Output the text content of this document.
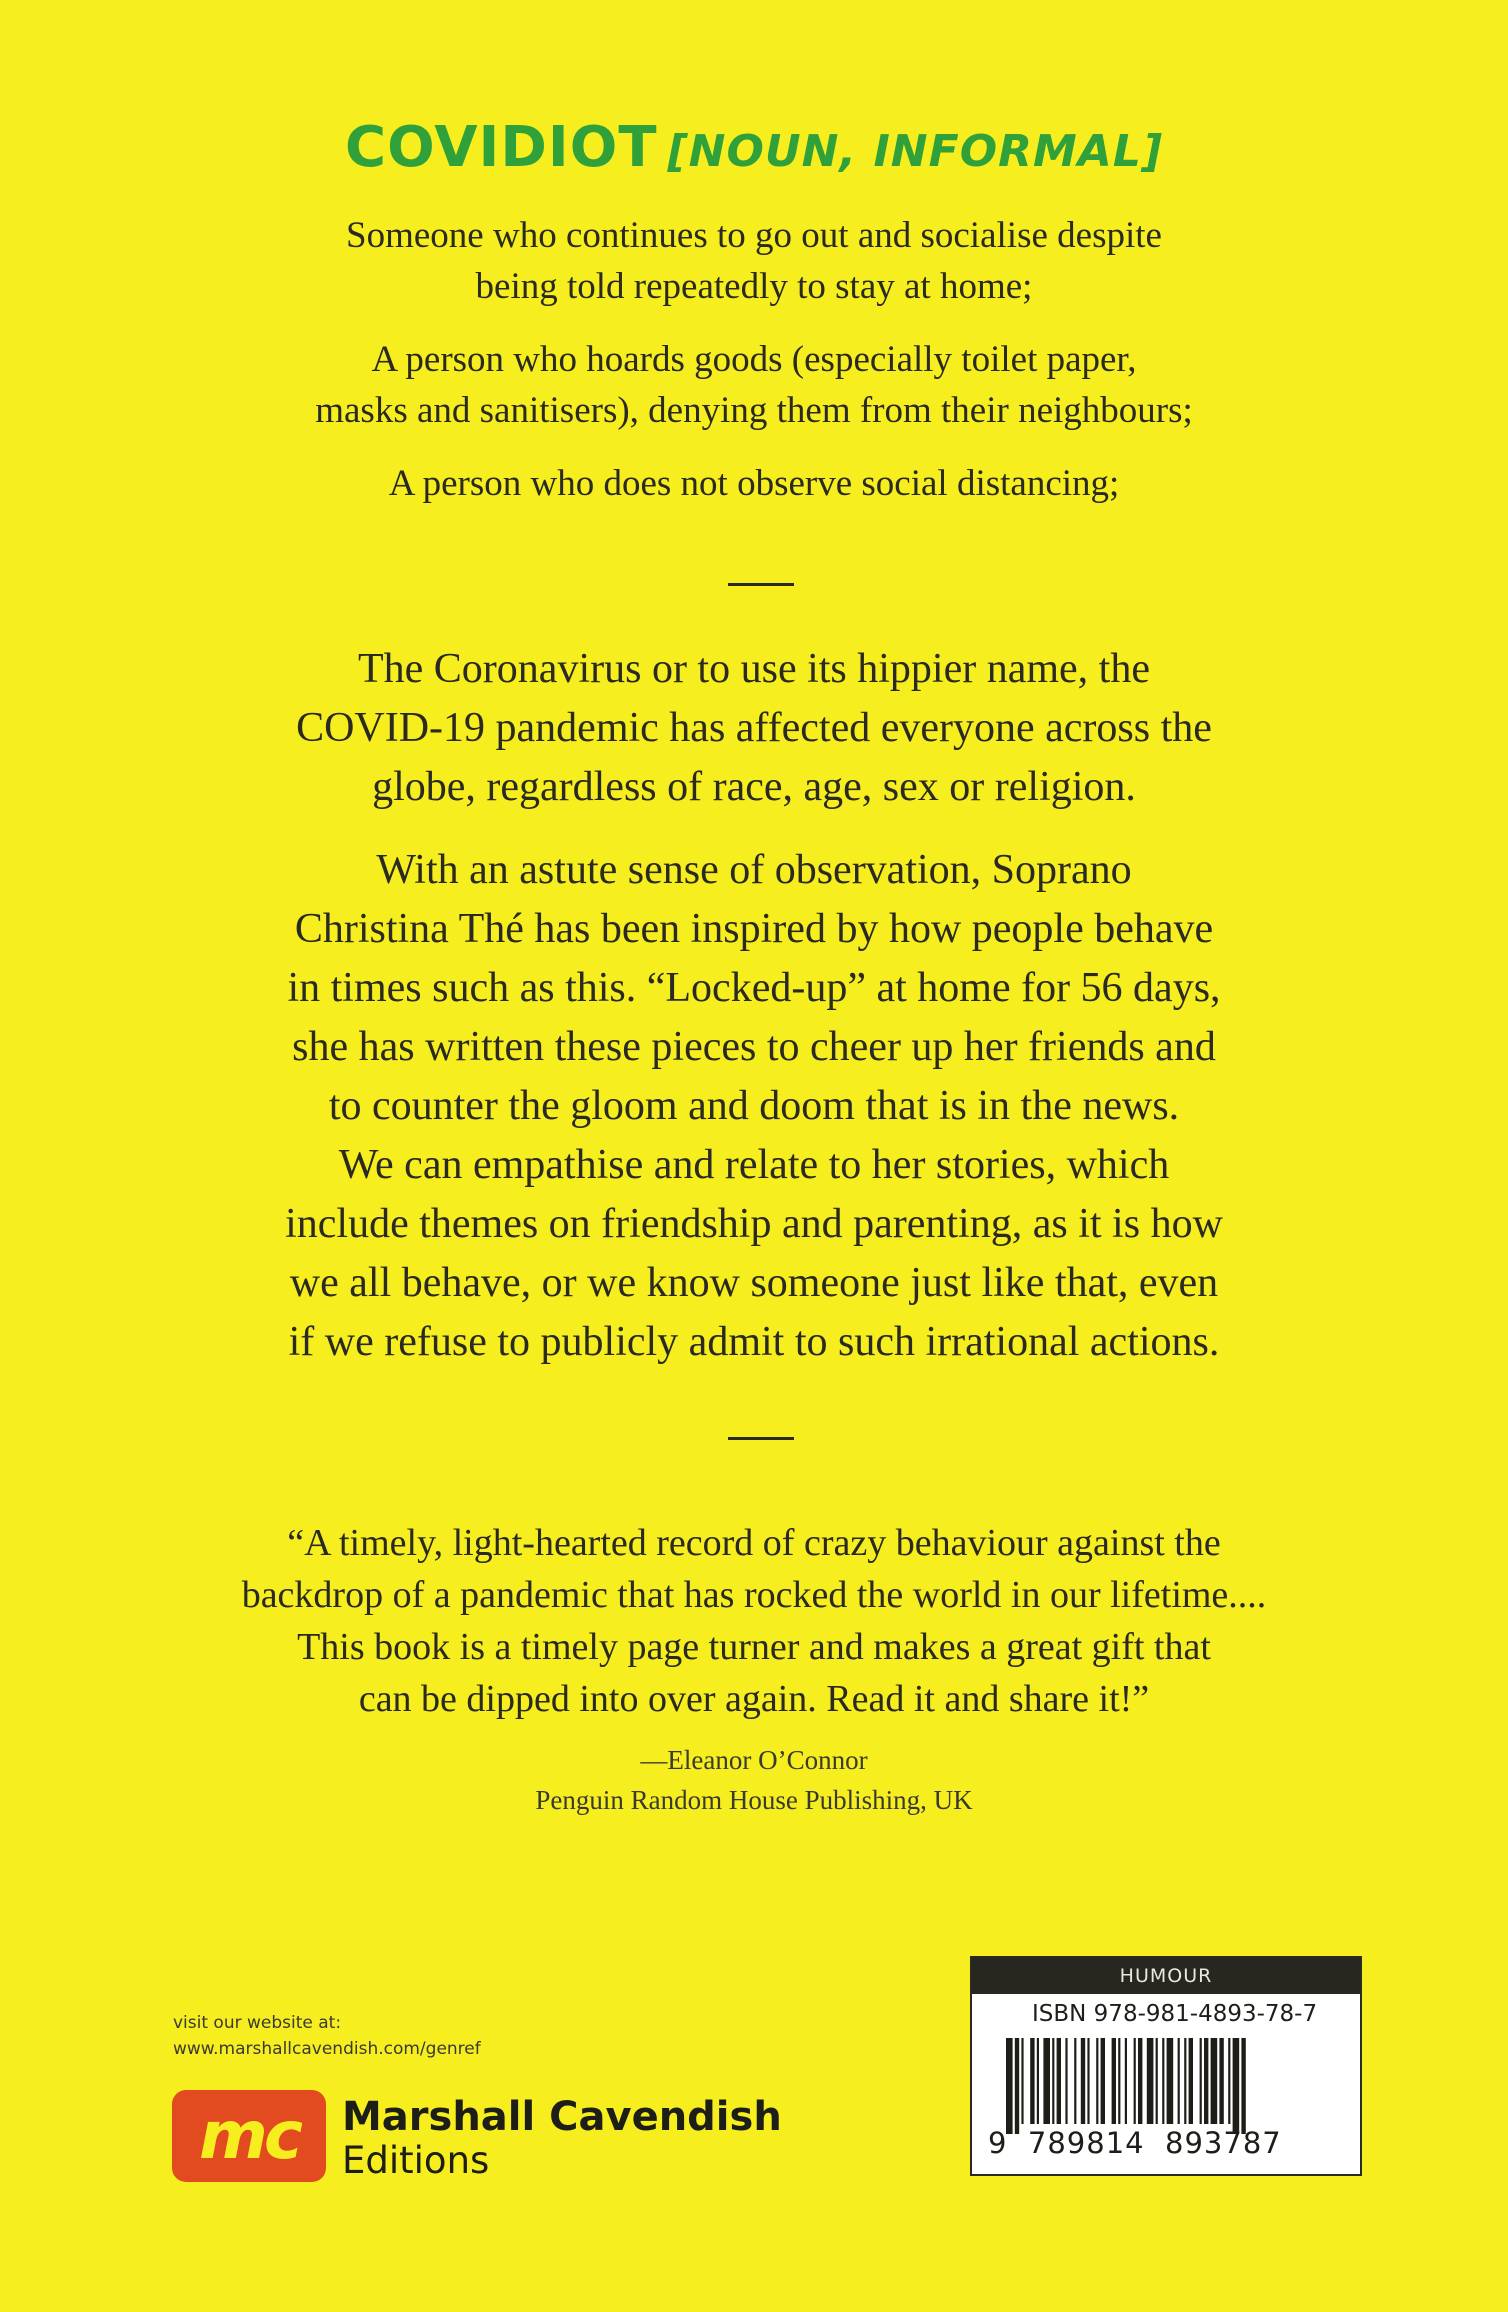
COVIDIOT [NOUN, INFORMAL]
Someone who continues to go out and socialise despite
being told repeatedly to stay at home;
A person who hoards goods (especially toilet paper,
masks and sanitisers), denying them from their neighbours;
A person who does not observe social distancing;
The Coronavirus or to use its hippier name, the
COVID-19 pandemic has affected everyone across the
globe, regardless of race, age, sex or religion.
With an astute sense of observation, Soprano
Christina Thé has been inspired by how people behave
in times such as this. “Locked-up” at home for 56 days,
she has written these pieces to cheer up her friends and
to counter the gloom and doom that is in the news.
We can empathise and relate to her stories, which
include themes on friendship and parenting, as it is how
we all behave, or we know someone just like that, even
if we refuse to publicly admit to such irrational actions.
“A timely, light-hearted record of crazy behaviour against the
backdrop of a pandemic that has rocked the world in our lifetime....
This book is a timely page turner and makes a great gift that
can be dipped into over again. Read it and share it!”
—Eleanor O’Connor
Penguin Random House Publishing, UK
visit our website at:
www.marshallcavendish.com/genref
mc Marshall Cavendish
Editions
HUMOUR
ISBN 978-981-4893-78-7
9  789814  893787
